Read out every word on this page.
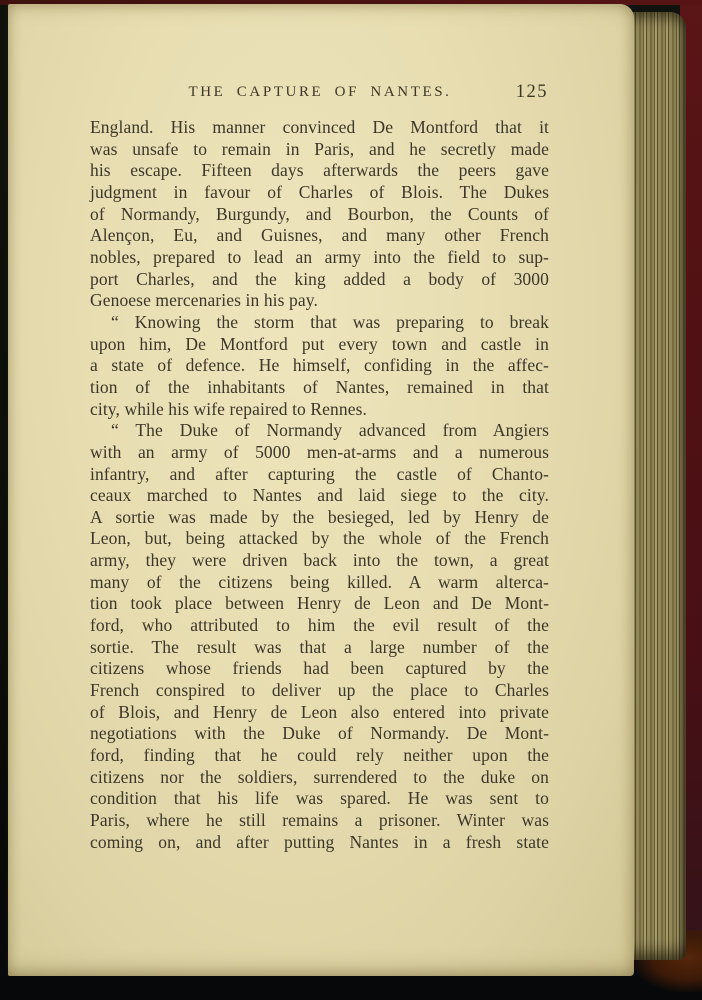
THE CAPTURE OF NANTES.	125
England. His manner convinced De Montford that it
was unsafe to remain in Paris, and he secretly made
his escape. Fifteen days afterwards the peers gave
judgment in favour of Charles of Blois. The Dukes
of Normandy, Burgundy, and Bourbon, the Counts of
Alençon, Eu, and Guisnes, and many other French
nobles, prepared to lead an army into the field to sup-
port Charles, and the king added a body of 3000
Genoese mercenaries in his pay.
“ Knowing the storm that was preparing to break
upon him, De Montford put every town and castle in
a state of defence. He himself, confiding in the affec-
tion of the inhabitants of Nantes, remained in that
city, while his wife repaired to Rennes.
“ The Duke of Normandy advanced from Angiers
with an army of 5000 men-at-arms and a numerous
infantry, and after capturing the castle of Chanto-
ceaux marched to Nantes and laid siege to the city.
A sortie was made by the besieged, led by Henry de
Leon, but, being attacked by the whole of the French
army, they were driven back into the town, a great
many of the citizens being killed. A warm alterca-
tion took place between Henry de Leon and De Mont-
ford, who attributed to him the evil result of the
sortie. The result was that a large number of the
citizens whose friends had been captured by the
French conspired to deliver up the place to Charles
of Blois, and Henry de Leon also entered into private
negotiations with the Duke of Normandy. De Mont-
ford, finding that he could rely neither upon the
citizens nor the soldiers, surrendered to the duke on
condition that his life was spared. He was sent to
Paris, where he still remains a prisoner. Winter was
coming on, and after putting Nantes in a fresh state
